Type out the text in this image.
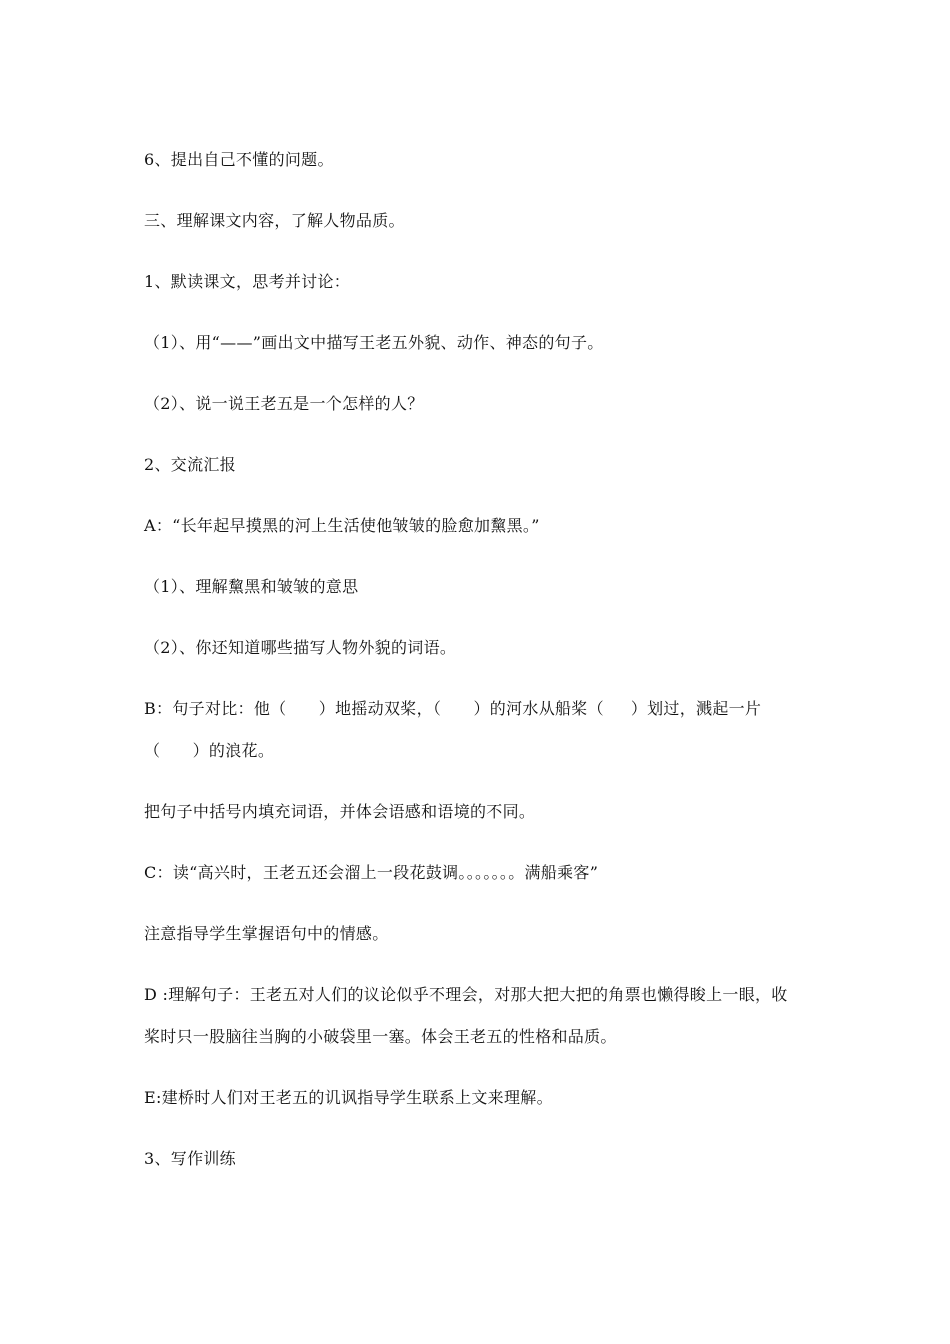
6、提出自己不懂的问题。
三、理解课文内容，了解人物品质。
1、默读课文，思考并讨论：
（1）、用“——”画出文中描写王老五外貌、动作、神态的句子。
（2）、说一说王老五是一个怎样的人？
2、交流汇报
A：“长年起早摸黑的河上生活使他皱皱的脸愈加黧黑。”
（1）、理解黧黑和皱皱的意思
（2）、你还知道哪些描写人物外貌的词语。
B：句子对比：他（      ）地摇动双桨，（      ）的河水从船桨（     ）划过，溅起一片
（      ）的浪花。
把句子中括号内填充词语，并体会语感和语境的不同。
C：读“高兴时，王老五还会溜上一段花鼓调。。。。。。。满船乘客”
注意指导学生掌握语句中的情感。
D :理解句子：王老五对人们的议论似乎不理会，对那大把大把的角票也懒得睃上一眼，收
桨时只一股脑往当胸的小破袋里一塞。体会王老五的性格和品质。
E:建桥时人们对王老五的讥讽指导学生联系上文来理解。
3、写作训练
